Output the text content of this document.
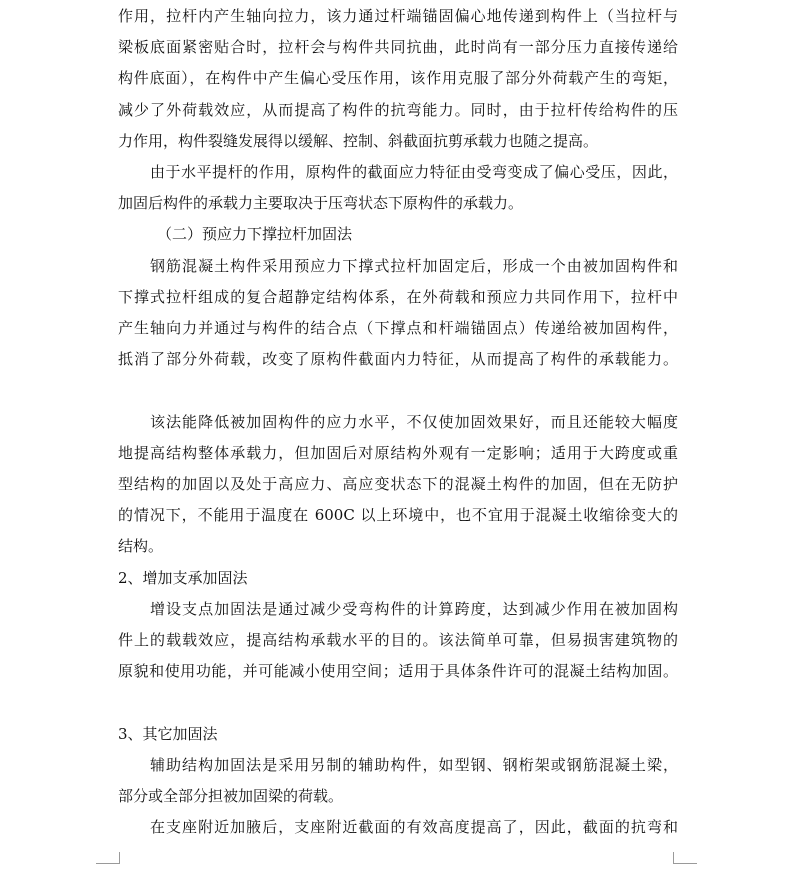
作用，拉杆内产生轴向拉力，该力通过杆端锚固偏心地传递到构件上（当拉杆与
梁板底面紧密贴合时，拉杆会与构件共同抗曲，此时尚有一部分压力直接传递给
构件底面），在构件中产生偏心受压作用，该作用克服了部分外荷载产生的弯矩，
减少了外荷载效应，从而提高了构件的抗弯能力。同时，由于拉杆传给构件的压
力作用，构件裂缝发展得以缓解、控制、斜截面抗剪承载力也随之提高。
由于水平提杆的作用，原构件的截面应力特征由受弯变成了偏心受压，因此，
加固后构件的承载力主要取决于压弯状态下原构件的承载力。
（二）预应力下撑拉杆加固法
钢筋混凝土构件采用预应力下撑式拉杆加固定后，形成一个由被加固构件和
下撑式拉杆组成的复合超静定结构体系，在外荷载和预应力共同作用下，拉杆中
产生轴向力并通过与构件的结合点（下撑点和杆端锚固点）传递给被加固构件，
抵消了部分外荷载，改变了原构件截面内力特征，从而提高了构件的承载能力。
该法能降低被加固构件的应力水平，不仅使加固效果好，而且还能较大幅度
地提高结构整体承载力，但加固后对原结构外观有一定影响；适用于大跨度或重
型结构的加固以及处于高应力、高应变状态下的混凝土构件的加固，但在无防护
的情况下，不能用于温度在 600C 以上环境中，也不宜用于混凝土收缩徐变大的
结构。
2、增加支承加固法
增设支点加固法是通过减少受弯构件的计算跨度，达到减少作用在被加固构
件上的载载效应，提高结构承载水平的目的。该法简单可靠，但易损害建筑物的
原貌和使用功能，并可能减小使用空间；适用于具体条件许可的混凝土结构加固。
3、其它加固法
辅助结构加固法是采用另制的辅助构件，如型钢、钢桁架或钢筋混凝土梁，
部分或全部分担被加固梁的荷载。
在支座附近加腋后，支座附近截面的有效高度提高了，因此，截面的抗弯和
